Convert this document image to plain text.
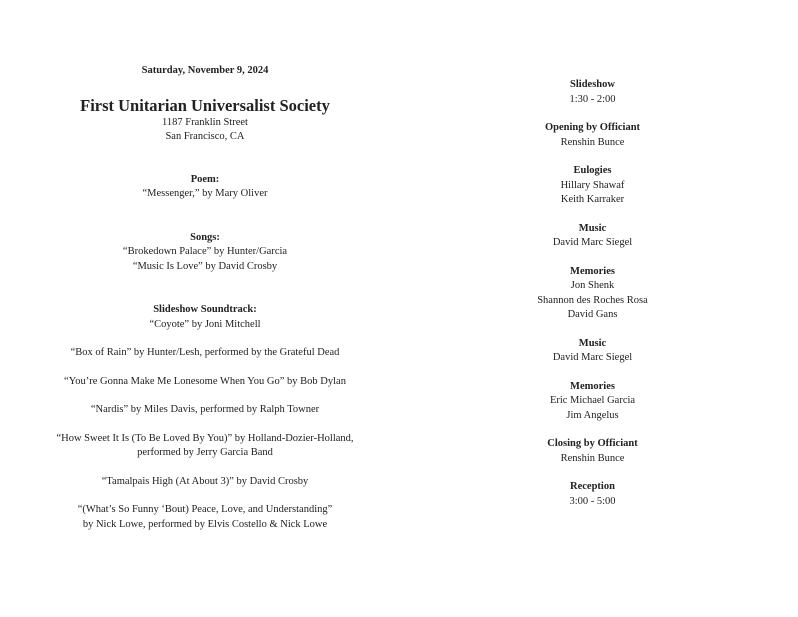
Saturday, November 9, 2024
First Unitarian Universalist Society
1187 Franklin Street
San Francisco, CA
Poem:
“Messenger,” by Mary Oliver
Songs:
“Brokedown Palace” by Hunter/Garcia
“Music Is Love” by David Crosby
Slideshow Soundtrack:
“Coyote” by Joni Mitchell
“Box of Rain” by Hunter/Lesh, performed by the Grateful Dead
“You’re Gonna Make Me Lonesome When You Go” by Bob Dylan
“Nardis” by Miles Davis, performed by Ralph Towner
“How Sweet It Is (To Be Loved By You)” by Holland-Dozier-Holland,
performed by Jerry Garcia Band
“Tamalpais High (At About 3)” by David Crosby
“(What’s So Funny ‘Bout) Peace, Love, and Understanding”
by Nick Lowe, performed by Elvis Costello & Nick Lowe
Slideshow
1:30 - 2:00
Opening by Officiant
Renshin Bunce
Eulogies
Hillary Shawaf
Keith Karraker
Music
David Marc Siegel
Memories
Jon Shenk
Shannon des Roches Rosa
David Gans
Music
David Marc Siegel
Memories
Eric Michael Garcia
Jim Angelus
Closing by Officiant
Renshin Bunce
Reception
3:00 - 5:00
